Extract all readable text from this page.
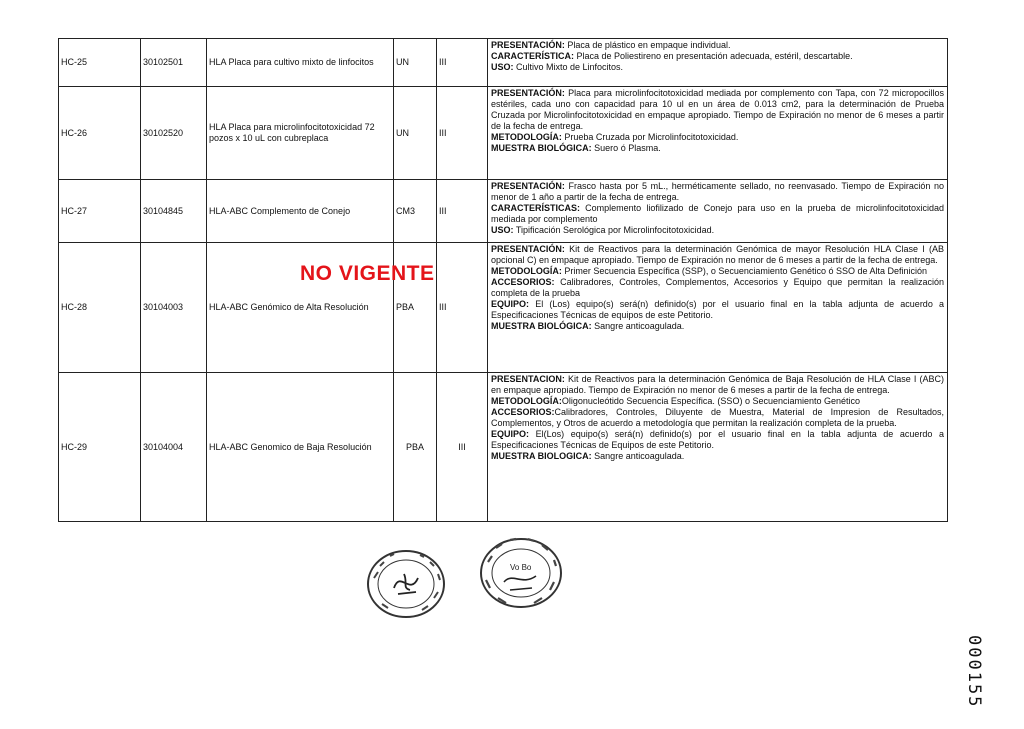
HC-25	30102501	HLA Placa para cultivo mixto de linfocitos	UN	III	PRESENTACIÓN: Placa de plástico en empaque individual.
CARACTERÍSTICA: Placa de Poliestireno en presentación adecuada, estéril, descartable.
USO: Cultivo Mixto de Linfocitos.

HC-26	30102520	HLA Placa para microlinfocitotoxicidad 72 pozos x 10 uL con cubreplaca	UN	III	PRESENTACIÓN: Placa para microlinfocitotoxicidad mediada por complemento con Tapa, con 72 micropocillos estériles, cada uno con capacidad para 10 ul en un área de 0.013 cm2, para la determinación de Prueba Cruzada por Microlinfocitotoxicidad en empaque apropiado. Tiempo de Expiración no menor de 6 meses a partir de la fecha de entrega.
METODOLOGÍA: Prueba Cruzada por Microlinfocitotoxicidad.
MUESTRA BIOLÓGICA: Suero ó Plasma.

HC-27	30104845	HLA-ABC Complemento de Conejo	CM3	III	PRESENTACIÓN: Frasco hasta por 5 mL., herméticamente sellado, no reenvasado. Tiempo de Expiración no menor de 1 año a partir de la fecha de entrega.
CARACTERÍSTICAS: Complemento liofilizado de Conejo para uso en la prueba de microlinfocitotoxicidad mediada por complemento
USO: Tipificación Serológica por Microlinfocitotoxicidad.

HC-28	30104003	HLA-ABC Genómico de Alta Resolución	PBA	III	PRESENTACIÓN: Kit de Reactivos para la determinación Genómica de mayor Resolución HLA Clase I (AB opcional C) en empaque apropiado. Tiempo de Expiración no menor de 6 meses a partir de la fecha de entrega.
METODOLOGÍA: Primer Secuencia Específica (SSP), o Secuenciamiento Genético ó SSO de Alta Definición
ACCESORIOS: Calibradores, Controles, Complementos, Accesorios y Equipo que permitan la realización completa de la prueba
EQUIPO: El (Los) equipo(s) será(n) definido(s) por el usuario final en la tabla adjunta de acuerdo a Especificaciones Técnicas de equipos de este Petitorio.
MUESTRA BIOLÓGICA: Sangre anticoagulada.

HC-29	30104004	HLA-ABC Genomico de Baja Resolución	PBA	III	PRESENTACION: Kit de Reactivos para la determinación Genómica de Baja Resolución de HLA Clase I (ABC) en empaque apropiado. Tiempo de Expiración no menor de 6 meses a partir de la fecha de entrega.
METODOLOGÍA:Oligonucleótido Secuencia Específica. (SSO) o Secuenciamiento Genético
ACCESORIOS:Calibradores, Controles, Diluyente de Muestra, Material de Impresion de Resultados, Complementos, y Otros de acuerdo a metodología que permitan la realización completa de la prueba.
EQUIPO: El(Los) equipo(s) será(n) definido(s) por el usuario final en la tabla adjunta de acuerdo a Especificaciones Técnicas de Equipos de este Petitorio.
MUESTRA BIOLOGICA: Sangre anticoagulada.
NO VIGENTE
Vo Bo
000155
